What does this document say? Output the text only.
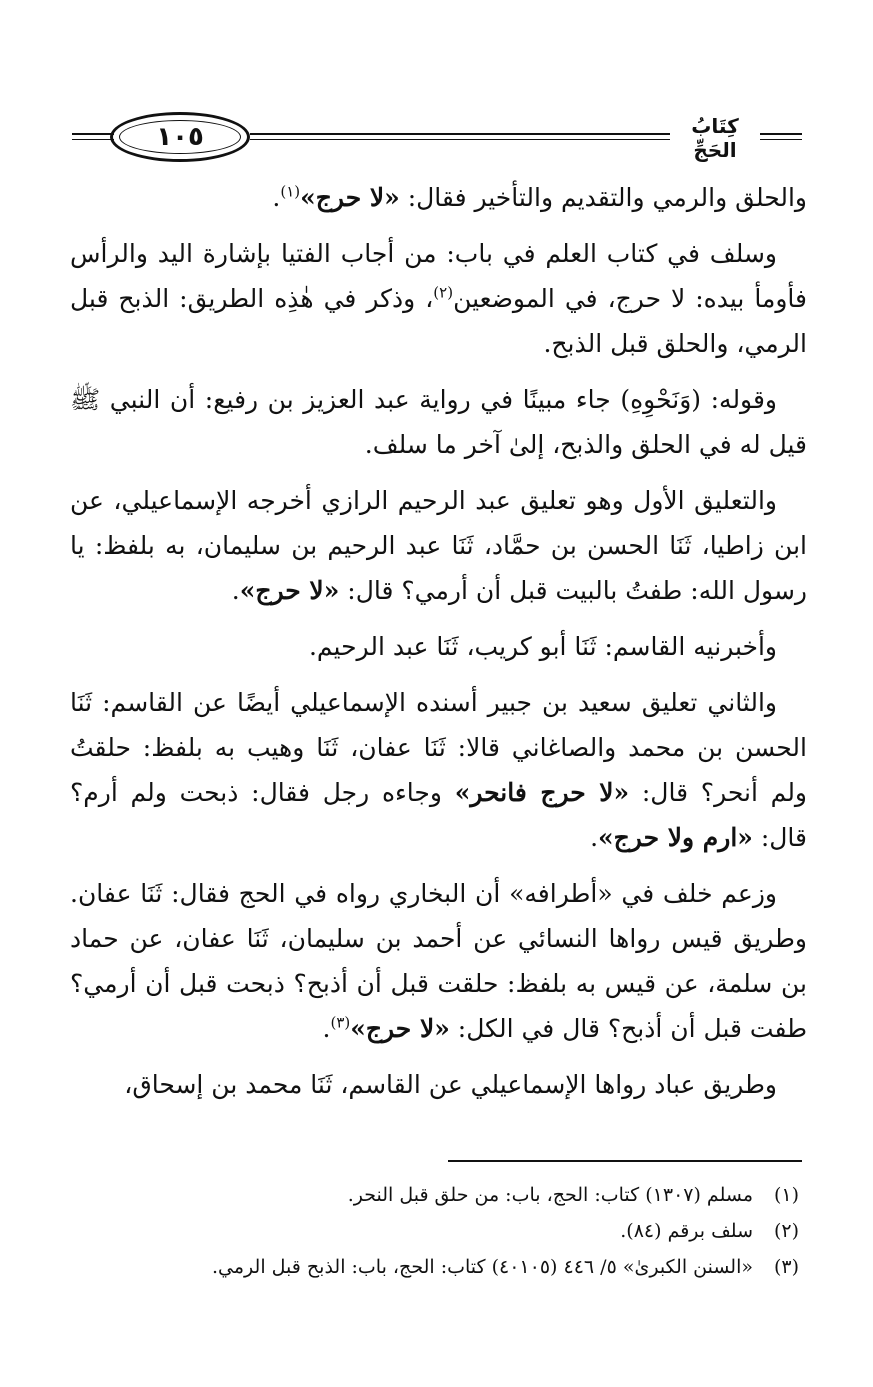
١٠٥	كِتَابُ الحَجِّ

والحلق والرمي والتقديم والتأخير فقال: «لا حرج»$^{(١)}$.

وسلف في كتاب العلم في باب: من أجاب الفتيا بإشارة اليد والرأس فأومأ بيده: لا حرج، في الموضعين$^{(٢)}$، وذكر في هٰذِه الطريق: الذبح قبل الرمي، والحلق قبل الذبح.

وقوله: (وَنَحْوِهِ) جاء مبينًا في رواية عبد العزيز بن رفيع: أن النبي ﷺ قيل له في الحلق والذبح، إلىٰ آخر ما سلف.

والتعليق الأول وهو تعليق عبد الرحيم الرازي أخرجه الإسماعيلي، عن ابن زاطيا، ثَنَا الحسن بن حمَّاد، ثَنَا عبد الرحيم بن سليمان، به بلفظ: يا رسول الله: طفتُ بالبيت قبل أن أرمي؟ قال: «لا حرج».

وأخبرنيه القاسم: ثَنَا أبو كريب، ثَنَا عبد الرحيم.

والثاني تعليق سعيد بن جبير أسنده الإسماعيلي أيضًا عن القاسم: ثَنَا الحسن بن محمد والصاغاني قالا: ثَنَا عفان، ثَنَا وهيب به بلفظ: حلقتُ ولم أنحر؟ قال: «لا حرج فانحر» وجاءه رجل فقال: ذبحت ولم أرم؟ قال: «ارم ولا حرج».

وزعم خلف في «أطرافه» أن البخاري رواه في الحج فقال: ثَنَا عفان. وطريق قيس رواها النسائي عن أحمد بن سليمان، ثَنَا عفان، عن حماد بن سلمة، عن قيس به بلفظ: حلقت قبل أن أذبح؟ ذبحت قبل أن أرمي؟ طفت قبل أن أذبح؟ قال في الكل: «لا حرج»$^{(٣)}$.

وطريق عباد رواها الإسماعيلي عن القاسم، ثَنَا محمد بن إسحاق،

(١)مسلم (١٣٠٧) كتاب: الحج، باب: من حلق قبل النحر.

(٢)سلف برقم (٨٤).

(٣)«السنن الكبرىٰ» ٥/ ٤٤٦ (٤٠١٠٥) كتاب: الحج، باب: الذبح قبل الرمي.
